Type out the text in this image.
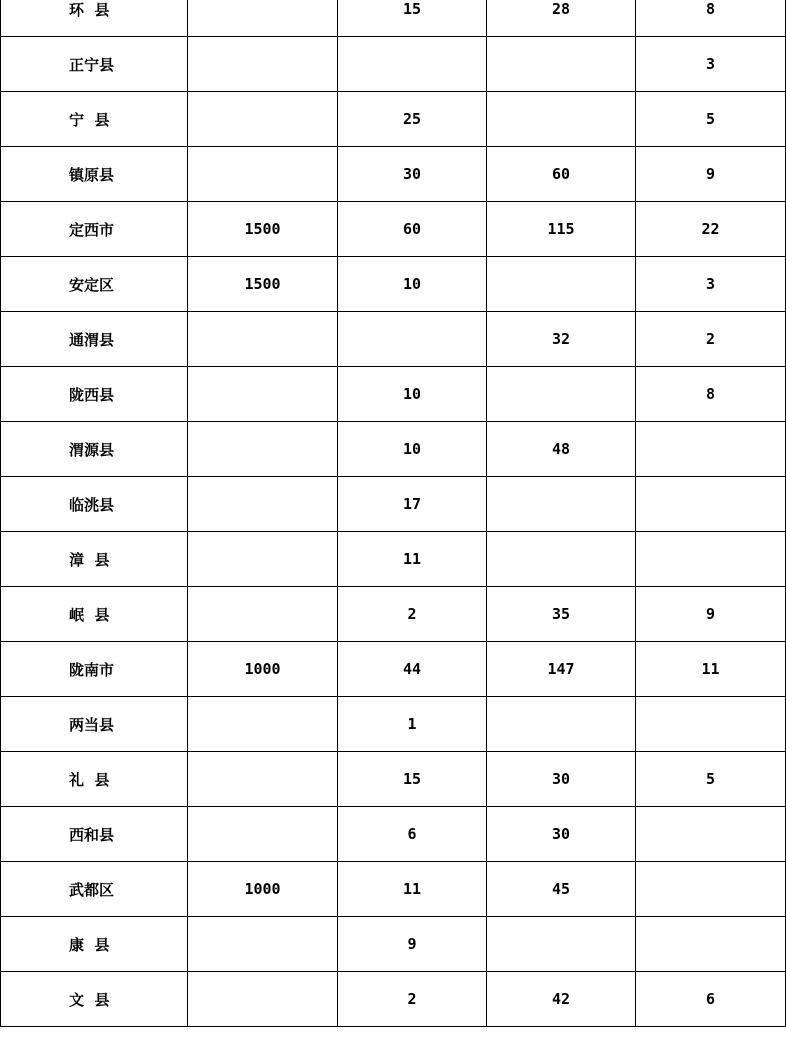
环  县		15	28	8
正宁县				3
宁  县		25		5
镇原县		30	60	9
定西市	1500	60	115	22
安定区	1500	10		3
通渭县			32	2
陇西县		10		8
渭源县		10	48	
临洮县		17		
漳  县		11		
岷  县		2	35	9
陇南市	1000	44	147	11
两当县		1		
礼  县		15	30	5
西和县		6	30	
武都区	1000	11	45	
康  县		9		
文  县		2	42	6
